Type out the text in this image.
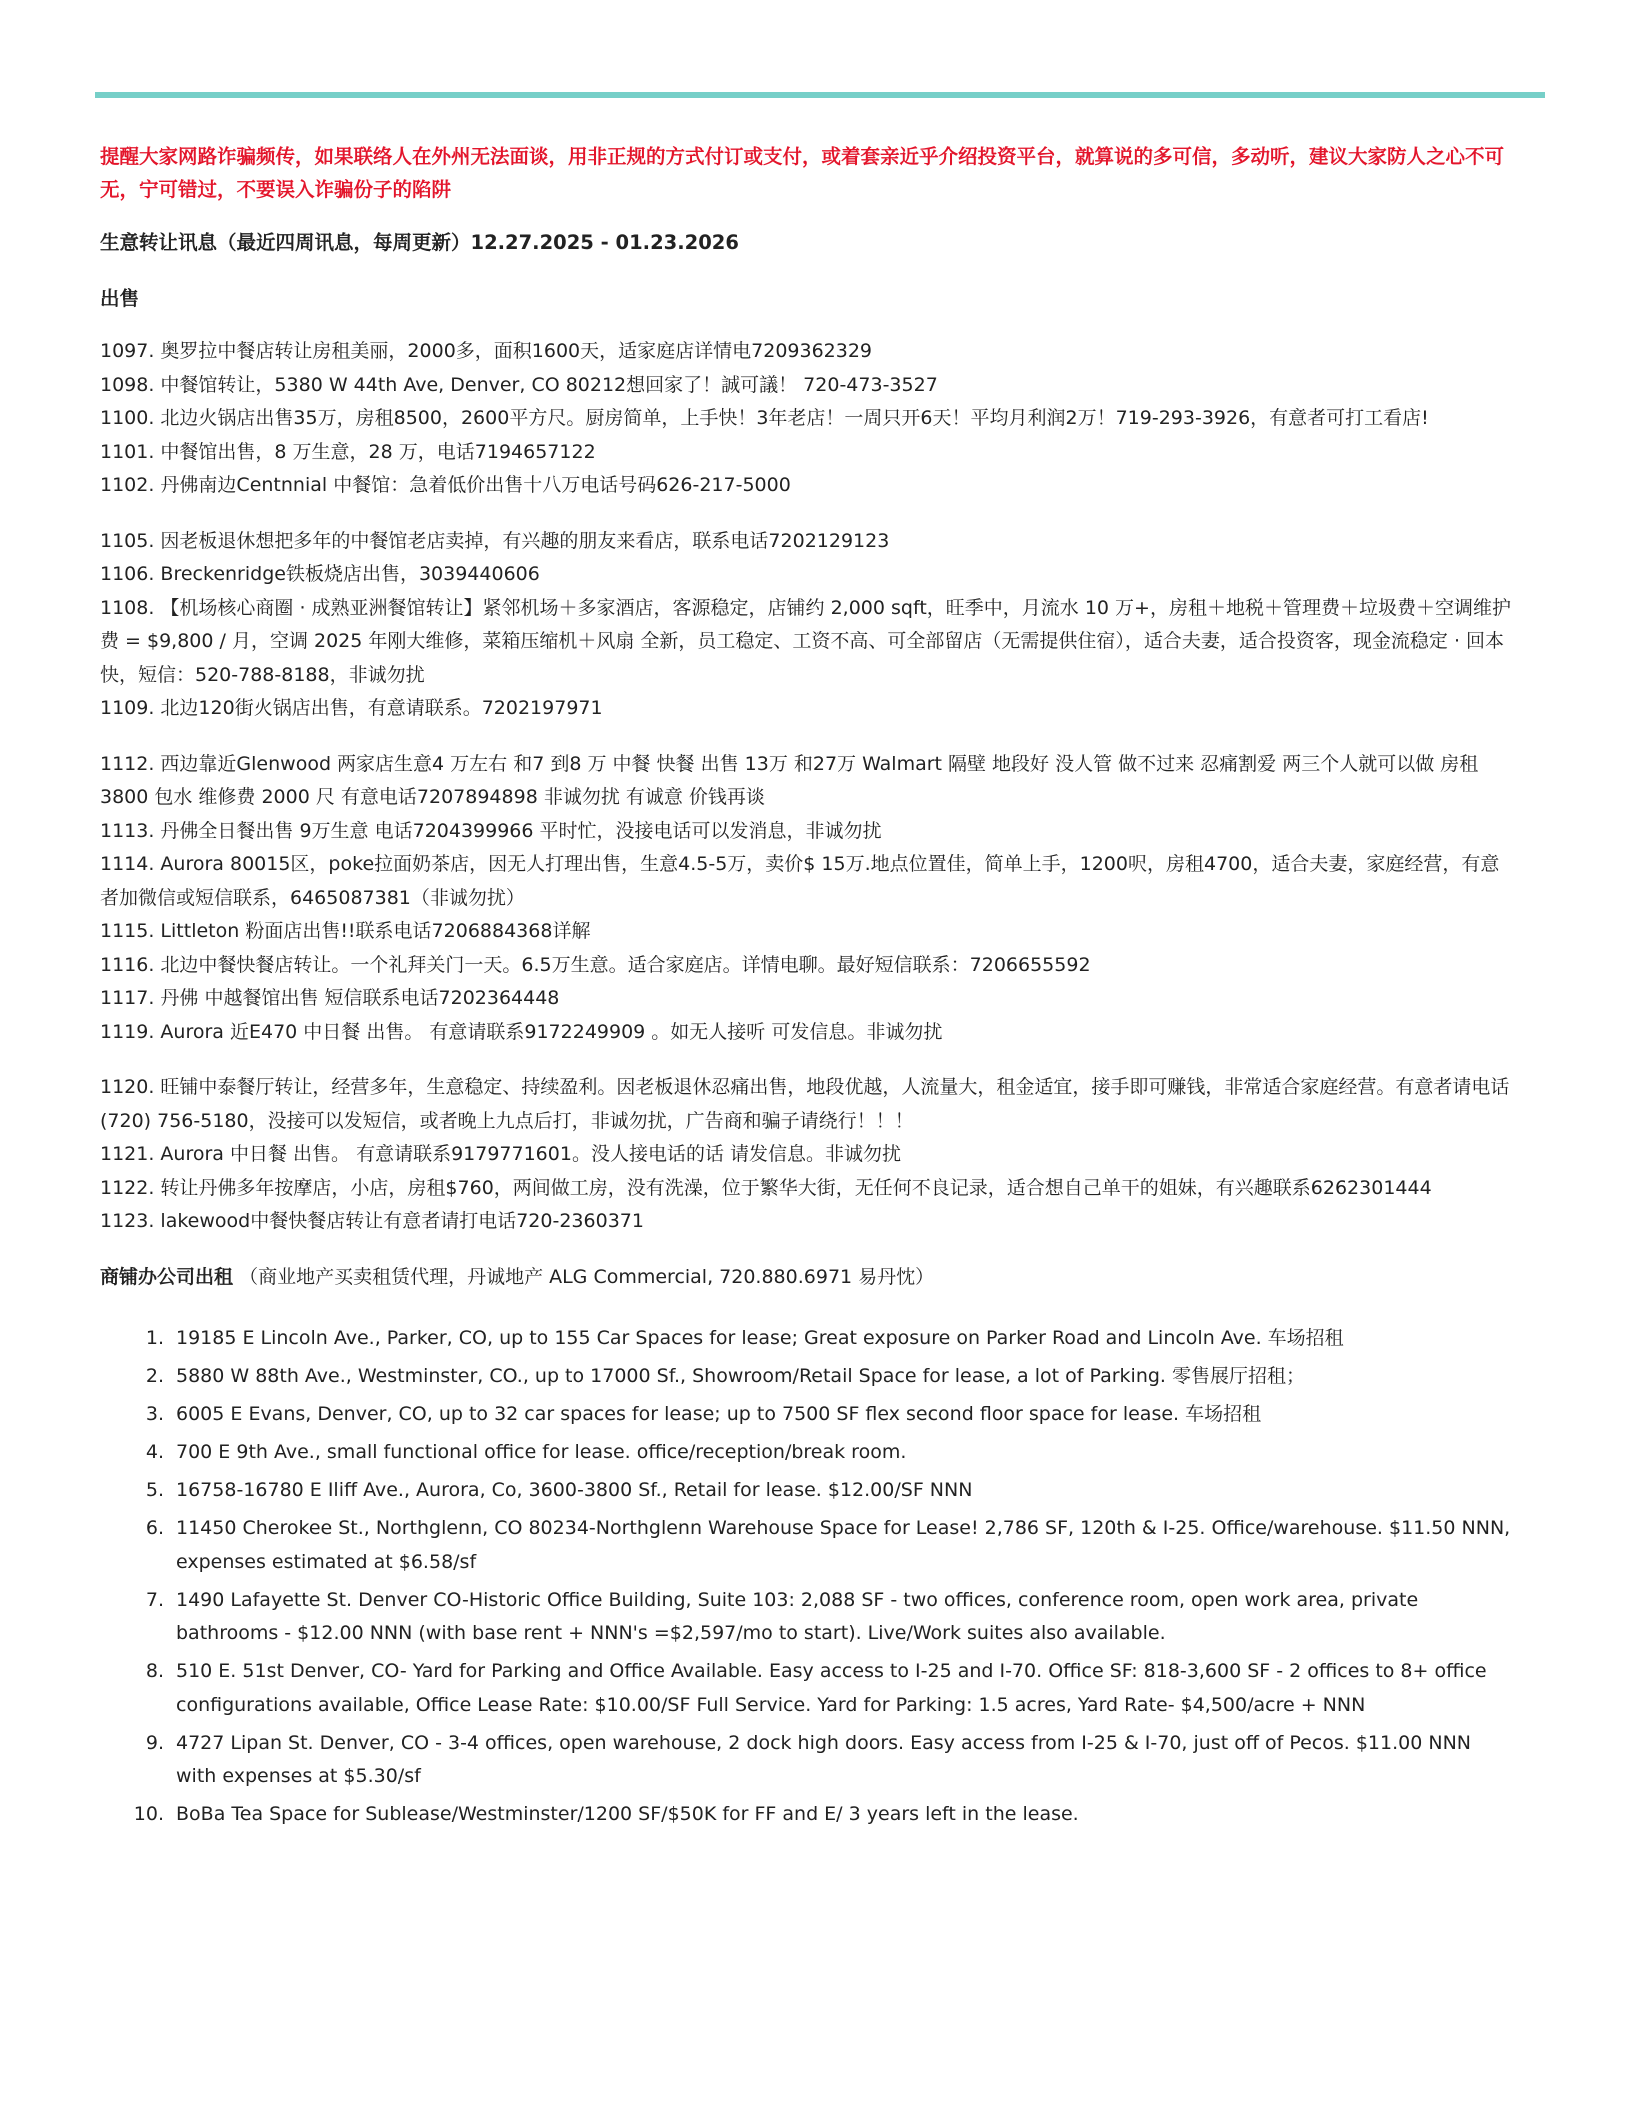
提醒大家网路诈骗频传，如果联络人在外州无法面谈，用非正规的方式付订或支付，或着套亲近乎介绍投资平台，就算说的多可信，多动听，建议大家防人之心不可无，宁可错过，不要误入诈骗份子的陷阱

生意转让讯息（最近四周讯息，每周更新）12.27.2025 - 01.23.2026

出售

1097. 奥罗拉中餐店转让房租美丽，2000多，面积1600天，适家庭店详情电7209362329

1098. 中餐馆转让，5380 W 44th Ave, Denver, CO 80212想回家了！誠可議！ 720-473-3527

1100. 北边火锅店出售35万，房租8500，2600平方尺。厨房简单，上手快！3年老店！一周只开6天！平均月利润2万！719-293-3926，有意者可打工看店!

1101. 中餐馆出售，8 万生意，28 万，电话7194657122

1102. 丹佛南边Centnnial 中餐馆：急着低价出售十八万电话号码626-217-5000

1105. 因老板退休想把多年的中餐馆老店卖掉，有兴趣的朋友来看店，联系电话7202129123

1106. Breckenridge铁板烧店出售，3039440606

1108. 【机场核心商圈 · 成熟亚洲餐馆转让】紧邻机场＋多家酒店，客源稳定，店铺约 2,000 sqft，旺季中，月流水 10 万+，房租＋地税＋管理费＋垃圾费＋空调维护费 = $9,800 / 月，空调 2025 年刚大维修，菜箱压缩机＋风扇 全新，员工稳定、工资不高、可全部留店（无需提供住宿），适合夫妻，适合投资客，现金流稳定 · 回本快，短信：520-788-8188，非诚勿扰

1109. 北边120街火锅店出售，有意请联系。7202197971

1112. 西边靠近Glenwood 两家店生意4 万左右 和7 到8 万 中餐 快餐 出售 13万 和27万 Walmart 隔壁 地段好 没人管 做不过来 忍痛割爱 两三个人就可以做 房租3800 包水 维修费 2000 尺 有意电话7207894898 非诚勿扰 有诚意 价钱再谈

1113. 丹佛全日餐出售 9万生意 电话7204399966 平时忙，没接电话可以发消息，非诚勿扰

1114. Aurora 80015区，poke拉面奶茶店，因无人打理出售，生意4.5-5万，卖价$ 15万.地点位置佳，简单上手，1200呎，房租4700，适合夫妻，家庭经营，有意者加微信或短信联系，6465087381（非诚勿扰）

1115. Littleton 粉面店出售!!联系电话7206884368详解

1116. 北边中餐快餐店转让。一个礼拜关门一天。6.5万生意。适合家庭店。详情电聊。最好短信联系：7206655592

1117. 丹佛 中越餐馆出售 短信联系电话7202364448

1119. Aurora 近E470 中日餐 出售。 有意请联系9172249909 。如无人接听 可发信息。非诚勿扰

1120. 旺铺中泰餐厅转让，经营多年，生意稳定、持续盈利。因老板退休忍痛出售，地段优越，人流量大，租金适宜，接手即可赚钱，非常适合家庭经营。有意者请电话(720) 756-5180，没接可以发短信，或者晚上九点后打，非诚勿扰，广告商和骗子请绕行！！！

1121. Aurora 中日餐 出售。 有意请联系9179771601。没人接电话的话 请发信息。非诚勿扰

1122. 转让丹佛多年按摩店，小店，房租$760，两间做工房，没有洗澡，位于繁华大街，无任何不良记录，适合想自己单干的姐妹，有兴趣联系6262301444

1123. lakewood中餐快餐店转让有意者请打电话720-2360371

商铺办公司出租 （商业地产买卖租赁代理，丹诚地产 ALG Commercial, 720.880.6971 易丹忱）

1. 19185 E Lincoln Ave., Parker, CO, up to 155 Car Spaces for lease; Great exposure on Parker Road and Lincoln Ave. 车场招租
2. 5880 W 88th Ave., Westminster, CO., up to 17000 Sf., Showroom/Retail Space for lease, a lot of Parking. 零售展厅招租；
3. 6005 E Evans, Denver, CO, up to 32 car spaces for lease; up to 7500 SF flex second floor space for lease. 车场招租
4. 700 E 9th Ave., small functional office for lease. office/reception/break room.
5. 16758-16780 E Iliff Ave., Aurora, Co, 3600-3800 Sf., Retail for lease. $12.00/SF NNN
6. 11450 Cherokee St., Northglenn, CO 80234-Northglenn Warehouse Space for Lease! 2,786 SF, 120th & I-25. Office/warehouse. $11.50 NNN, expenses estimated at $6.58/sf
7. 1490 Lafayette St. Denver CO-Historic Office Building, Suite 103: 2,088 SF - two offices, conference room, open work area, private bathrooms - $12.00 NNN (with base rent + NNN's =$2,597/mo to start). Live/Work suites also available.
8. 510 E. 51st Denver, CO- Yard for Parking and Office Available. Easy access to I-25 and I-70. Office SF: 818-3,600 SF - 2 offices to 8+ office configurations available, Office Lease Rate: $10.00/SF Full Service. Yard for Parking: 1.5 acres, Yard Rate- $4,500/acre + NNN
9. 4727 Lipan St. Denver, CO - 3-4 offices, open warehouse, 2 dock high doors. Easy access from I-25 & I-70, just off of Pecos. $11.00 NNN with expenses at $5.30/sf
10. BoBa Tea Space for Sublease/Westminster/1200 SF/$50K for FF and E/ 3 years left in the lease.
